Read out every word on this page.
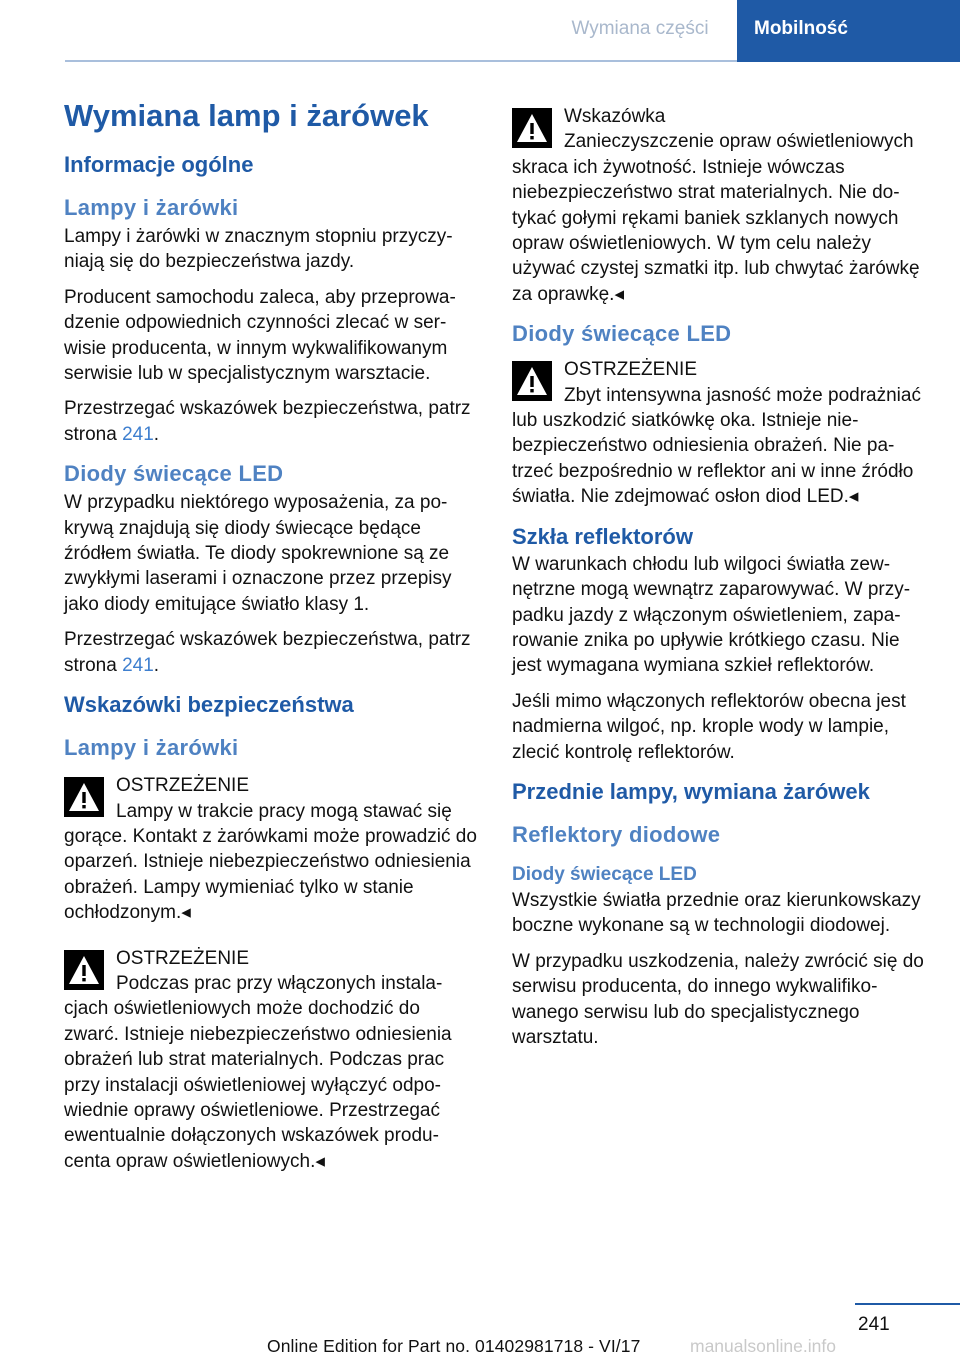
Wymiana części	Mobilność
Wymiana lamp i żarówek
Informacje ogólne
Lampy i żarówki

Lampy i żarówki w znacznym stopniu przyczyniają się do bezpieczeństwa jazdy.

Producent samochodu zaleca, aby przeprowadzenie odpowiednich czynności zlecać w serwisie producenta, w innym wykwalifikowanym serwisie lub w specjalistycznym warsztacie.

Przestrzegać wskazówek bezpieczeństwa, patrz strona 241.

Diody świecące LED

W przypadku niektórego wyposażenia, za pokrywą znajdują się diody świecące będące źródłem światła. Te diody spokrewnione są ze zwykłymi laserami i oznaczone przez przepisy jako diody emitujące światło klasy 1.

Przestrzegać wskazówek bezpieczeństwa, patrz strona 241.

Wskazówki bezpieczeństwa
Lampy i żarówki

OSTRZEŻENIE
Lampy w trakcie pracy mogą stawać się gorące. Kontakt z żarówkami może prowadzić do oparzeń. Istnieje niebezpieczeństwo odniesienia obrażeń. Lampy wymieniać tylko w stanie ochłodzonym.◂

OSTRZEŻENIE
Podczas prac przy włączonych instalacjach oświetleniowych może dochodzić do zwarć. Istnieje niebezpieczeństwo odniesienia obrażeń lub strat materialnych. Podczas prac przy instalacji oświetleniowej wyłączyć odpowiednie oprawy oświetleniowe. Przestrzegać ewentualnie dołączonych wskazówek producenta opraw oświetleniowych.◂

Wskazówka
Zanieczyszczenie opraw oświetleniowych skraca ich żywotność. Istnieje wówczas niebezpieczeństwo strat materialnych. Nie dotykać gołymi rękami baniek szklanych nowych opraw oświetleniowych. W tym celu należy używać czystej szmatki itp. lub chwytać żarówkę za oprawkę.◂

Diody świecące LED

OSTRZEŻENIE
Zbyt intensywna jasność może podrażniać lub uszkodzić siatkówkę oka. Istnieje niebezpieczeństwo odniesienia obrażeń. Nie patrzeć bezpośrednio w reflektor ani w inne źródło światła. Nie zdejmować osłon diod LED.◂

Szkła reflektorów

W warunkach chłodu lub wilgoci światła zewnętrzne mogą wewnątrz zaparowywać. W przypadku jazdy z włączonym oświetleniem, zaparowanie znika po upływie krótkiego czasu. Nie jest wymagana wymiana szkieł reflektorów.

Jeśli mimo włączonych reflektorów obecna jest nadmierna wilgoć, np. krople wody w lampie, zlecić kontrolę reflektorów.

Przednie lampy, wymiana żarówek
Reflektory diodowe
Diody świecące LED

Wszystkie światła przednie oraz kierunkowskazy boczne wykonane są w technologii diodowej.

W przypadku uszkodzenia, należy zwrócić się do serwisu producenta, do innego wykwalifikowanego serwisu lub do specjalistycznego warsztatu.

241
Online Edition for Part no. 01402981718 - VI/17	manualsonline.info
